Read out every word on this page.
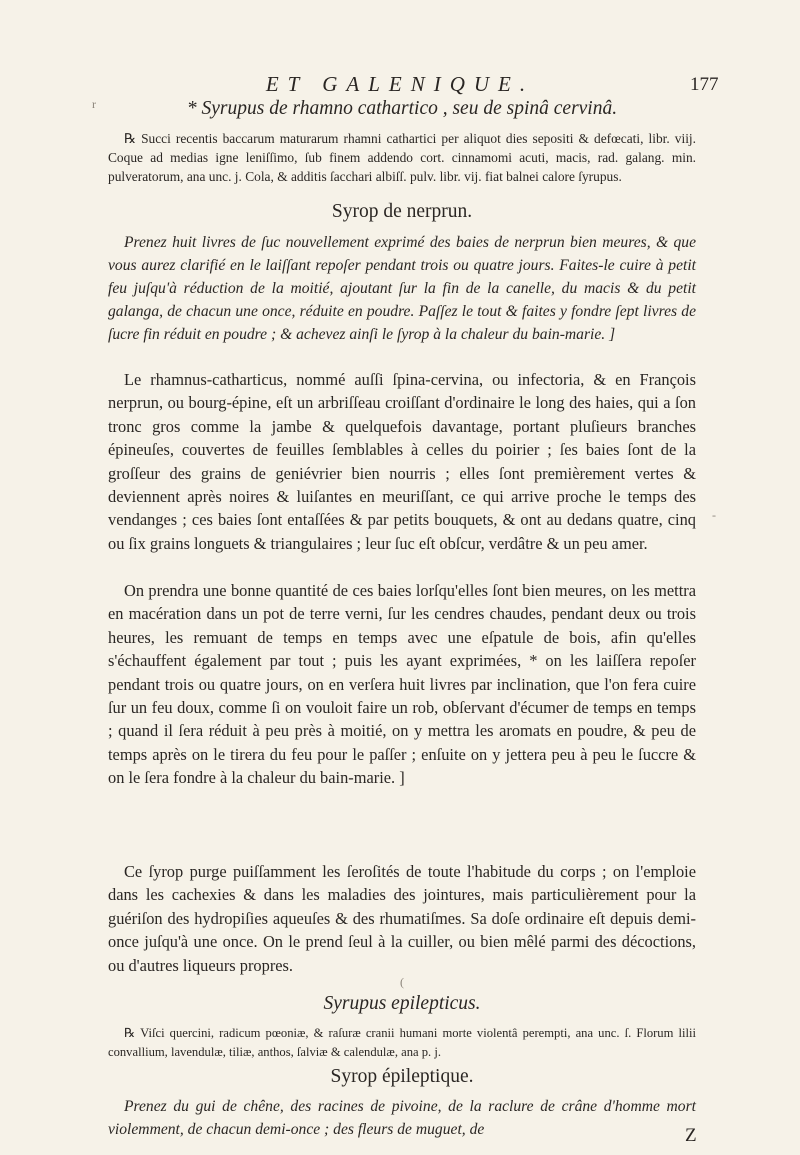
ET GALENIQUE.	177
r
-
(
* Syrupus de rhamno cathartico , seu de spinâ cervinâ.
℞ Succi recentis baccarum maturarum rhamni cathartici per aliquot dies sepositi & defœcati, libr. viij. Coque ad medias igne leniſſimo, ſub finem addendo cort. cinnamomi acuti, macis, rad. galang. min. pulveratorum, ana unc. j. Cola, & additis ſacchari albiſſ. pulv. libr. vij. fiat balnei calore ſyrupus.
Syrop de nerprun.
Prenez huit livres de ſuc nouvellement exprimé des baies de nerprun bien meures, & que vous aurez clarifié en le laiſſant repoſer pendant trois ou quatre jours. Faites-le cuire à petit feu juſqu'à réduction de la moitié, ajoutant ſur la fin de la canelle, du macis & du petit galanga, de chacun une once, réduite en poudre. Paſſez le tout & faites y fondre ſept livres de ſucre fin réduit en poudre ; & achevez ainſi le ſyrop à la chaleur du bain-marie. ]
Le rhamnus-catharticus, nommé auſſi ſpina-cervina, ou infectoria, & en François nerprun, ou bourg-épine, eſt un arbriſſeau croiſſant d'ordinaire le long des haies, qui a ſon tronc gros comme la jambe & quelquefois davantage, portant pluſieurs branches épineuſes, couvertes de feuilles ſemblables à celles du poirier ; ſes baies ſont de la groſſeur des grains de geniévrier bien nourris ; elles ſont premièrement vertes & deviennent après noires & luiſantes en meuriſſant, ce qui arrive proche le temps des vendanges ; ces baies ſont entaſſées & par petits bouquets, & ont au dedans quatre, cinq ou ſix grains longuets & triangulaires ; leur ſuc eſt obſcur, verdâtre & un peu amer.
On prendra une bonne quantité de ces baies lorſqu'elles ſont bien meures, on les mettra en macération dans un pot de terre verni, ſur les cendres chaudes, pendant deux ou trois heures, les remuant de temps en temps avec une eſpatule de bois, afin qu'elles s'échauffent également par tout ; puis les ayant exprimées, * on les laiſſera repoſer pendant trois ou quatre jours, on en verſera huit livres par inclination, que l'on fera cuire ſur un feu doux, comme ſi on vouloit faire un rob, obſervant d'écumer de temps en temps ; quand il ſera réduit à peu près à moitié, on y mettra les aromats en poudre, & peu de temps après on le tirera du feu pour le paſſer ; enſuite on y jettera peu à peu le ſuccre & on le ſera fondre à la chaleur du bain-marie. ]
Ce ſyrop purge puiſſamment les ſeroſités de toute l'habitude du corps ; on l'emploie dans les cachexies & dans les maladies des jointures, mais particulièrement pour la guériſon des hydropiſies aqueuſes & des rhumatiſmes. Sa doſe ordinaire eſt depuis demi-once juſqu'à une once. On le prend ſeul à la cuiller, ou bien mêlé parmi des décoctions, ou d'autres liqueurs propres.
Syrupus epilepticus.
℞ Viſci quercini, radicum pœoniæ, & raſuræ cranii humani morte violentâ perempti, ana unc. ſ. Florum lilii convallium, lavendulæ, tiliæ, anthos, ſalviæ & calendulæ, ana p. j.
Syrop épileptique.
Prenez du gui de chêne, des racines de pivoine, de la raclure de crâne d'homme mort violemment, de chacun demi-once ; des fleurs de muguet, de	Z
